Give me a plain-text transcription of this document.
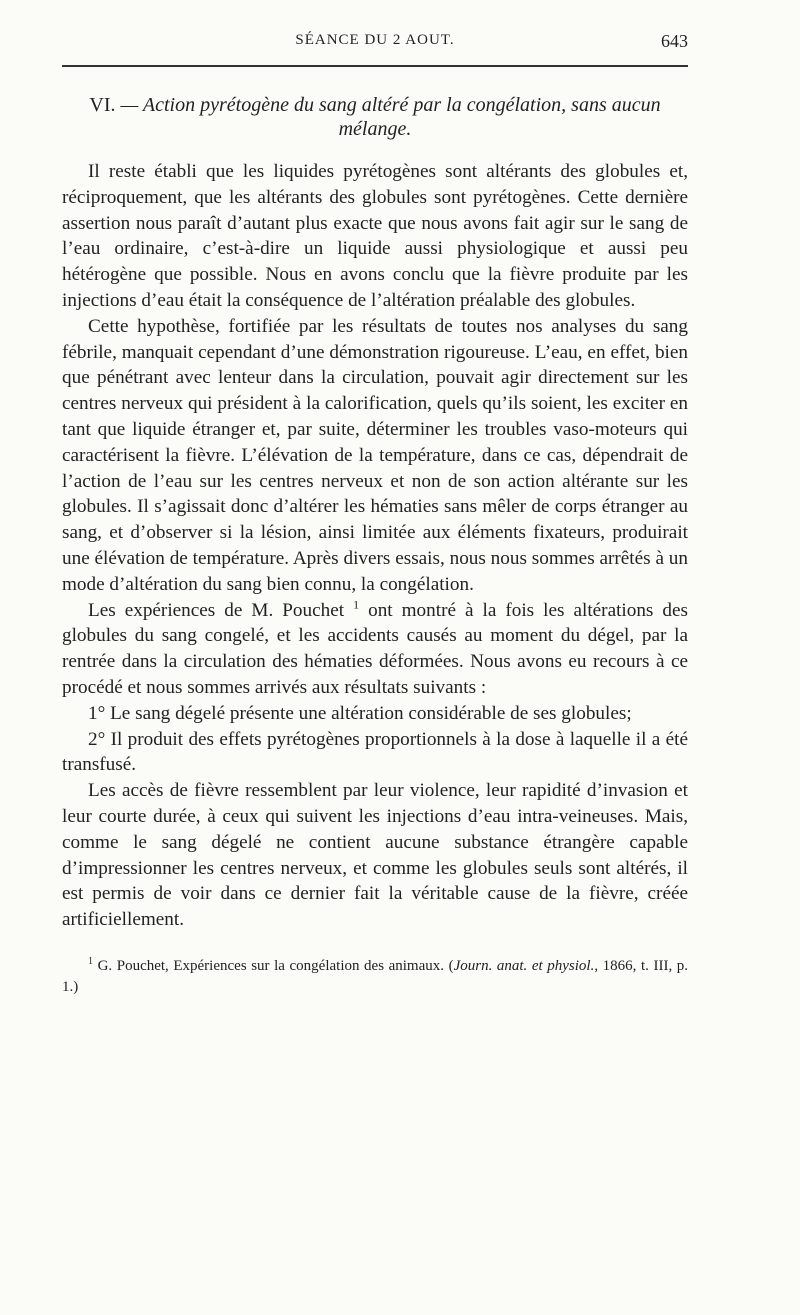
SÉANCE DU 2 AOUT.	643
VI. — Action pyrétogène du sang altéré par la congélation, sans aucun mélange.

Il reste établi que les liquides pyrétogènes sont altérants des globules et, réciproquement, que les altérants des globules sont pyrétogènes. Cette dernière assertion nous paraît d’autant plus exacte que nous avons fait agir sur le sang de l’eau ordinaire, c’est-à-dire un liquide aussi physiologique et aussi peu hétérogène que possible. Nous en avons conclu que la fièvre produite par les injections d’eau était la conséquence de l’altération préalable des globules.

Cette hypothèse, fortifiée par les résultats de toutes nos analyses du sang fébrile, manquait cependant d’une démonstration rigoureuse. L’eau, en effet, bien que pénétrant avec lenteur dans la circulation, pouvait agir directement sur les centres nerveux qui président à la calorification, quels qu’ils soient, les exciter en tant que liquide étranger et, par suite, déterminer les troubles vaso-moteurs qui caractérisent la fièvre. L’élévation de la température, dans ce cas, dépendrait de l’action de l’eau sur les centres nerveux et non de son action altérante sur les globules. Il s’agissait donc d’altérer les hématies sans mêler de corps étranger au sang, et d’observer si la lésion, ainsi limitée aux éléments fixateurs, produirait une élévation de température. Après divers essais, nous nous sommes arrêtés à un mode d’altération du sang bien connu, la congélation.

Les expériences de M. Pouchet $^1$ ont montré à la fois les altérations des globules du sang congelé, et les accidents causés au moment du dégel, par la rentrée dans la circulation des hématies déformées. Nous avons eu recours à ce procédé et nous sommes arrivés aux résultats suivants :

1° Le sang dégelé présente une altération considérable de ses globules;

2° Il produit des effets pyrétogènes proportionnels à la dose à laquelle il a été transfusé.

Les accès de fièvre ressemblent par leur violence, leur rapidité d’invasion et leur courte durée, à ceux qui suivent les injections d’eau intra-veineuses. Mais, comme le sang dégelé ne contient aucune substance étrangère capable d’impressionner les centres nerveux, et comme les globules seuls sont altérés, il est permis de voir dans ce dernier fait la véritable cause de la fièvre, créée artificiellement.

$^1$ G. Pouchet, Expériences sur la congélation des animaux. (Journ. anat. et physiol., 1866, t. III, p. 1.)
